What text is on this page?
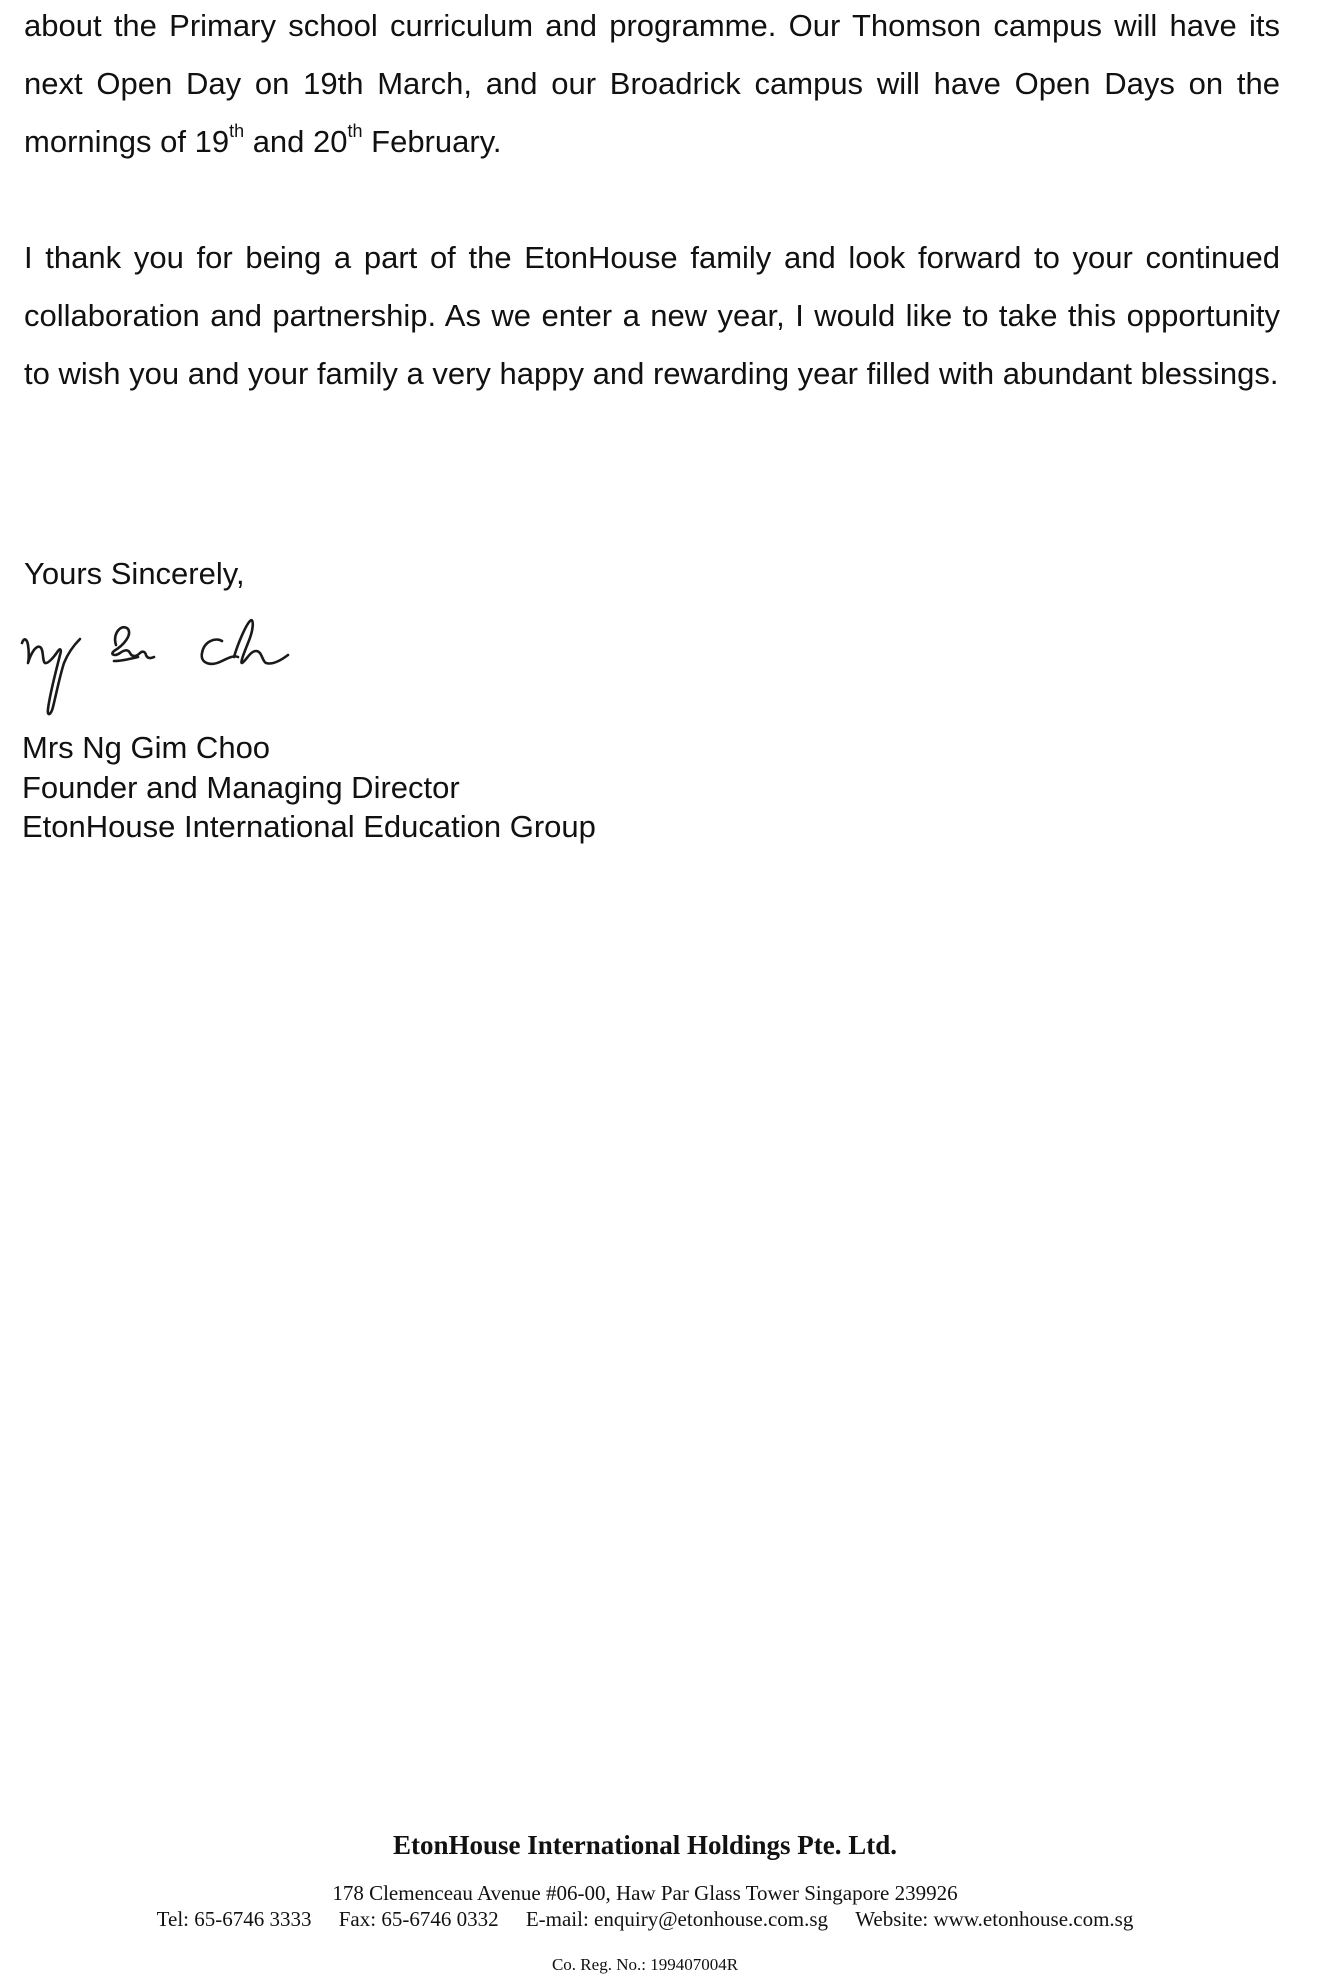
about the Primary school curriculum and programme. Our Thomson campus will have its next Open Day on 19th March, and our Broadrick campus will have Open Days on the mornings of 19th and 20th February.

I thank you for being a part of the EtonHouse family and look forward to your continued collaboration and partnership. As we enter a new year, I would like to take this opportunity to wish you and your family a very happy and rewarding year filled with abundant blessings.

Yours Sincerely,

Mrs Ng Gim Choo
Founder and Managing Director
EtonHouse International Education Group
EtonHouse International Holdings Pte. Ltd.
178 Clemenceau Avenue #06-00, Haw Par Glass Tower Singapore 239926
Tel: 65-6746 3333 Fax: 65-6746 0332 E-mail: enquiry@etonhouse.com.sg Website: www.etonhouse.com.sg
Co. Reg. No.: 199407004R
